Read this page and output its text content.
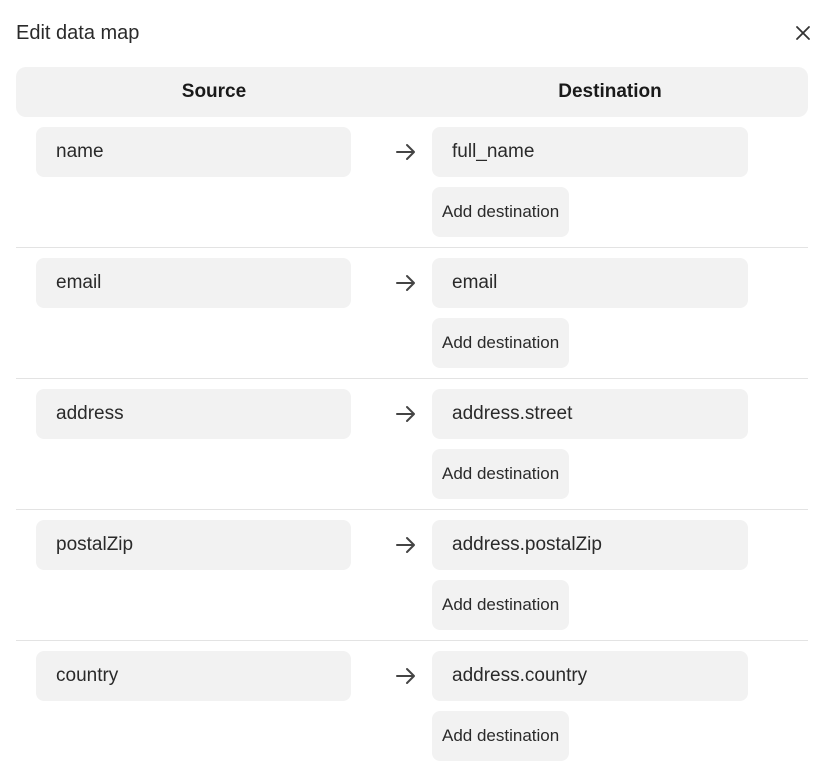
Edit data map
Source	Destination
name	full_name
Add destination
email	email
Add destination
address	address.street
Add destination
postalZip	address.postalZip
Add destination
country	address.country
Add destination
